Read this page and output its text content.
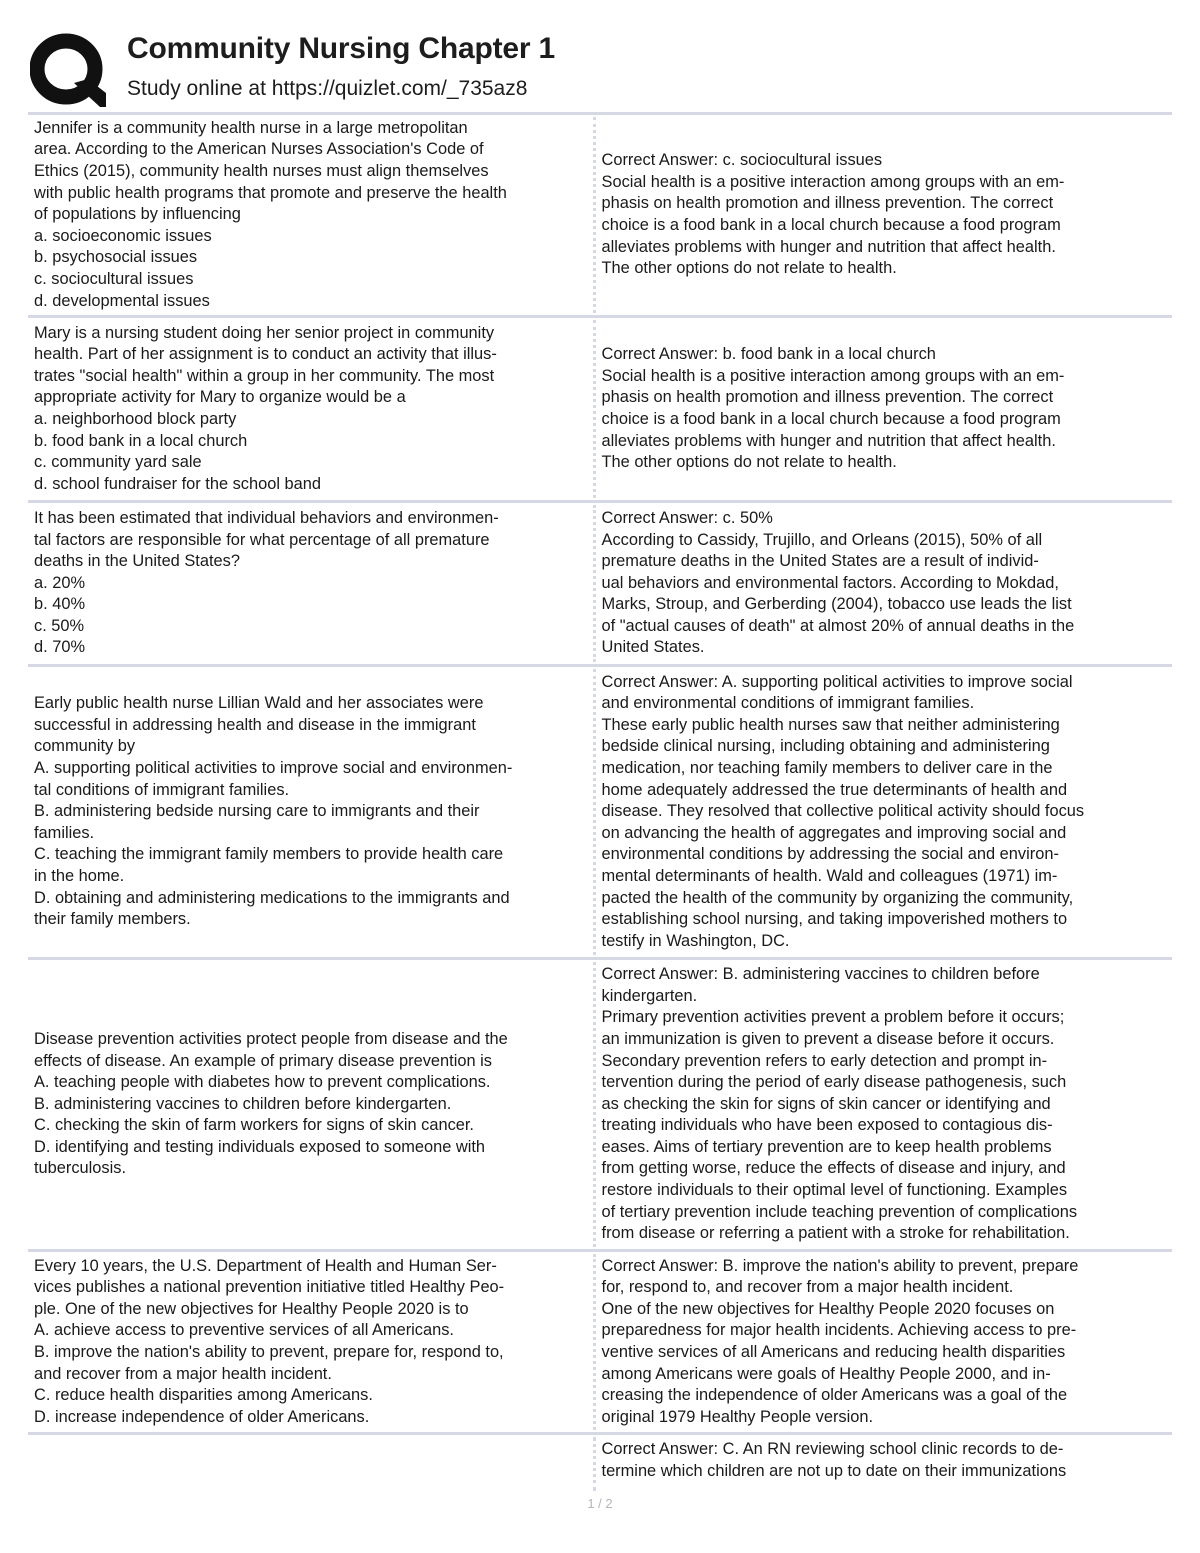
Community Nursing Chapter 1
Study online at https://quizlet.com/_735az8
Jennifer is a community health nurse in a large metropolitan
area. According to the American Nurses Association's Code of
Ethics (2015), community health nurses must align themselves
with public health programs that promote and preserve the health
of populations by influencing
a. socioeconomic issues
b. psychosocial issues
c. sociocultural issues
d. developmental issues
Correct Answer: c. sociocultural issues
Social health is a positive interaction among groups with an em-
phasis on health promotion and illness prevention. The correct
choice is a food bank in a local church because a food program
alleviates problems with hunger and nutrition that affect health.
The other options do not relate to health.
Mary is a nursing student doing her senior project in community
health. Part of her assignment is to conduct an activity that illus-
trates "social health" within a group in her community. The most
appropriate activity for Mary to organize would be a
a. neighborhood block party
b. food bank in a local church
c. community yard sale
d. school fundraiser for the school band
Correct Answer: b. food bank in a local church
Social health is a positive interaction among groups with an em-
phasis on health promotion and illness prevention. The correct
choice is a food bank in a local church because a food program
alleviates problems with hunger and nutrition that affect health.
The other options do not relate to health.
It has been estimated that individual behaviors and environmen-
tal factors are responsible for what percentage of all premature
deaths in the United States?
a. 20%
b. 40%
c. 50%
d. 70%
Correct Answer: c. 50%
According to Cassidy, Trujillo, and Orleans (2015), 50% of all
premature deaths in the United States are a result of individ-
ual behaviors and environmental factors. According to Mokdad,
Marks, Stroup, and Gerberding (2004), tobacco use leads the list
of "actual causes of death" at almost 20% of annual deaths in the
United States.
Early public health nurse Lillian Wald and her associates were
successful in addressing health and disease in the immigrant
community by
A. supporting political activities to improve social and environmen-
tal conditions of immigrant families.
B. administering bedside nursing care to immigrants and their
families.
C. teaching the immigrant family members to provide health care
in the home.
D. obtaining and administering medications to the immigrants and
their family members.
Correct Answer: A. supporting political activities to improve social
and environmental conditions of immigrant families.
These early public health nurses saw that neither administering
bedside clinical nursing, including obtaining and administering
medication, nor teaching family members to deliver care in the
home adequately addressed the true determinants of health and
disease. They resolved that collective political activity should focus
on advancing the health of aggregates and improving social and
environmental conditions by addressing the social and environ-
mental determinants of health. Wald and colleagues (1971) im-
pacted the health of the community by organizing the community,
establishing school nursing, and taking impoverished mothers to
testify in Washington, DC.
Disease prevention activities protect people from disease and the
effects of disease. An example of primary disease prevention is
A. teaching people with diabetes how to prevent complications.
B. administering vaccines to children before kindergarten.
C. checking the skin of farm workers for signs of skin cancer.
D. identifying and testing individuals exposed to someone with
tuberculosis.
Correct Answer: B. administering vaccines to children before
kindergarten.
Primary prevention activities prevent a problem before it occurs;
an immunization is given to prevent a disease before it occurs.
Secondary prevention refers to early detection and prompt in-
tervention during the period of early disease pathogenesis, such
as checking the skin for signs of skin cancer or identifying and
treating individuals who have been exposed to contagious dis-
eases. Aims of tertiary prevention are to keep health problems
from getting worse, reduce the effects of disease and injury, and
restore individuals to their optimal level of functioning. Examples
of tertiary prevention include teaching prevention of complications
from disease or referring a patient with a stroke for rehabilitation.
Every 10 years, the U.S. Department of Health and Human Ser-
vices publishes a national prevention initiative titled Healthy Peo-
ple. One of the new objectives for Healthy People 2020 is to
A. achieve access to preventive services of all Americans.
B. improve the nation's ability to prevent, prepare for, respond to,
and recover from a major health incident.
C. reduce health disparities among Americans.
D. increase independence of older Americans.
Correct Answer: B. improve the nation's ability to prevent, prepare
for, respond to, and recover from a major health incident.
One of the new objectives for Healthy People 2020 focuses on
preparedness for major health incidents. Achieving access to pre-
ventive services of all Americans and reducing health disparities
among Americans were goals of Healthy People 2000, and in-
creasing the independence of older Americans was a goal of the
original 1979 Healthy People version.
Correct Answer: C. An RN reviewing school clinic records to de-
termine which children are not up to date on their immunizations
1 / 2
